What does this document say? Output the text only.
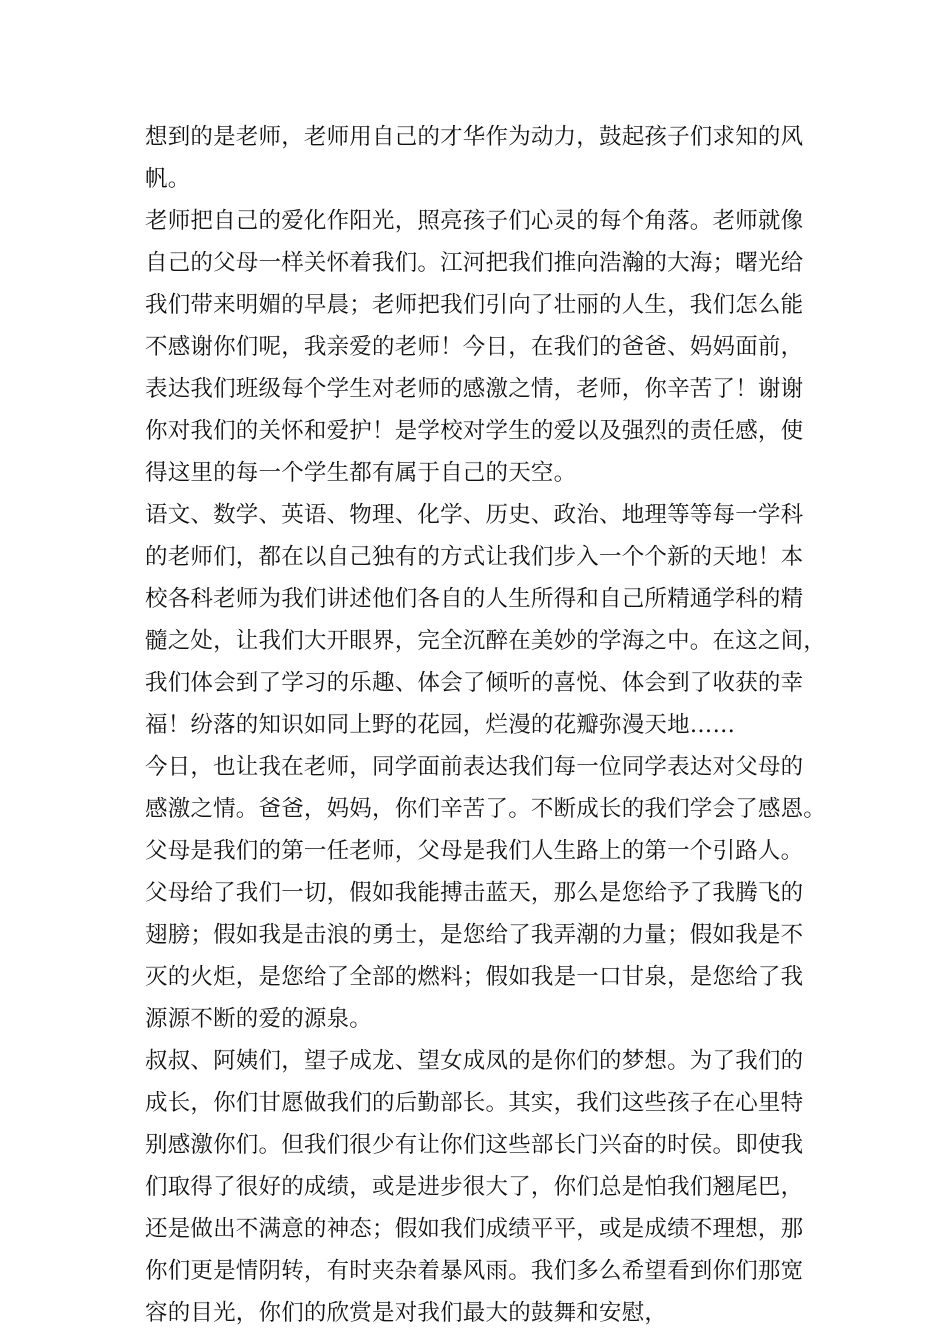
想到的是老师，老师用自己的才华作为动力，鼓起孩子们求知的风
帆。
老师把自己的爱化作阳光，照亮孩子们心灵的每个角落。老师就像
自己的父母一样关怀着我们。江河把我们推向浩瀚的大海；曙光给
我们带来明媚的早晨；老师把我们引向了壮丽的人生，我们怎么能
不感谢你们呢，我亲爱的老师！今日，在我们的爸爸、妈妈面前，
表达我们班级每个学生对老师的感激之情，老师，你辛苦了！谢谢
你对我们的关怀和爱护！是学校对学生的爱以及强烈的责任感，使
得这里的每一个学生都有属于自己的天空。
语文、数学、英语、物理、化学、历史、政治、地理等等每一学科
的老师们，都在以自己独有的方式让我们步入一个个新的天地！本
校各科老师为我们讲述他们各自的人生所得和自己所精通学科的精
髓之处，让我们大开眼界，完全沉醉在美妙的学海之中。在这之间，
我们体会到了学习的乐趣、体会了倾听的喜悦、体会到了收获的幸
福！纷落的知识如同上野的花园，烂漫的花瓣弥漫天地……
今日，也让我在老师，同学面前表达我们每一位同学表达对父母的
感激之情。爸爸，妈妈，你们辛苦了。不断成长的我们学会了感恩。
父母是我们的第一任老师，父母是我们人生路上的第一个引路人。
父母给了我们一切，假如我能搏击蓝天，那么是您给予了我腾飞的
翅膀；假如我是击浪的勇士，是您给了我弄潮的力量；假如我是不
灭的火炬，是您给了全部的燃料；假如我是一口甘泉，是您给了我
源源不断的爱的源泉。
叔叔、阿姨们，望子成龙、望女成凤的是你们的梦想。为了我们的
成长，你们甘愿做我们的后勤部长。其实，我们这些孩子在心里特
别感激你们。但我们很少有让你们这些部长门兴奋的时侯。即使我
们取得了很好的成绩，或是进步很大了，你们总是怕我们翘尾巴，
还是做出不满意的神态；假如我们成绩平平，或是成绩不理想，那
你们更是情阴转，有时夹杂着暴风雨。我们多么希望看到你们那宽
容的目光，你们的欣赏是对我们最大的鼓舞和安慰，
